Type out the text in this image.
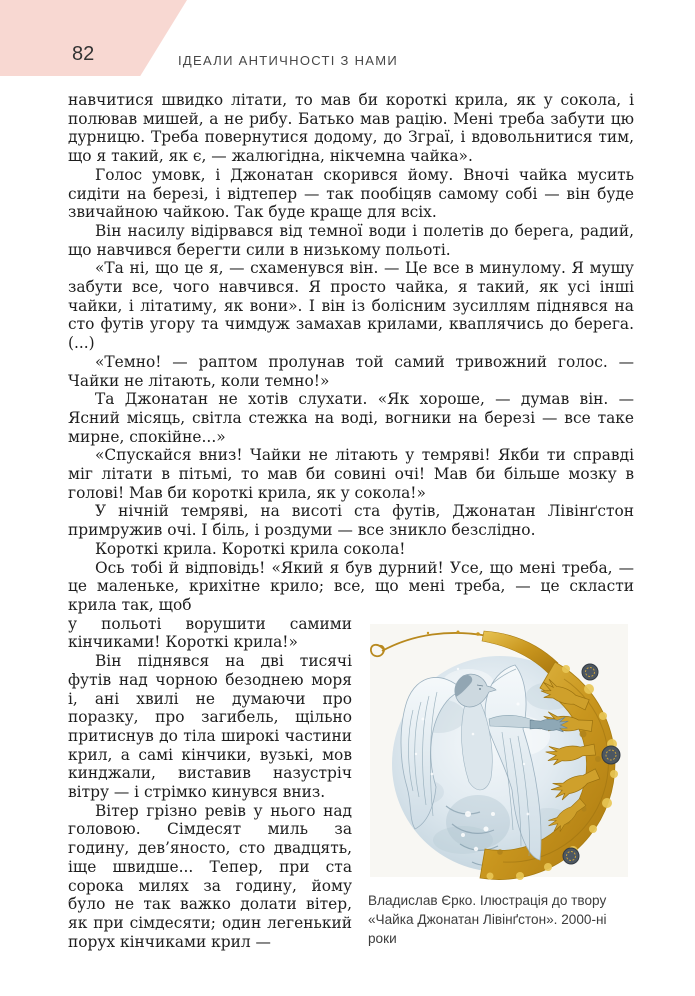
82	ІДЕАЛИ АНТИЧНОСТІ З НАМИ

навчитися швидко літати, то мав би короткі крила, як у сокола, і полював мишей, а не рибу. Батько мав рацію. Мені треба забути цю дурницю. Треба повернутися додому, до Зграї, і вдовольнитися тим, що я такий, як є, — жалюгідна, нікчемна чайка».

Голос умовк, і Джонатан скорився йому. Вночі чайка мусить сидіти на березі, і відтепер — так пообіцяв самому собі — він буде звичайною чайкою. Так буде краще для всіх.

Він насилу відірвався від темної води і полетів до берега, радий, що навчився берегти сили в низькому польоті.

«Та ні, що це я, — схаменувся він. — Це все в минулому. Я мушу забути все, чого навчився. Я просто чайка, я такий, як усі інші чайки, і літатиму, як вони». І він із болісним зусиллям піднявся на сто футів угору та чимдуж замахав крилами, кваплячись до берега. (...)

«Темно! — раптом пролунав той самий тривожний голос. — Чайки не літають, коли темно!»

Та Джонатан не хотів слухати. «Як хороше, — думав він. — Ясний місяць, світла стежка на воді, вогники на березі — все таке мирне, спокійне...»

«Спускайся вниз! Чайки не літають у темряві! Якби ти справді міг літати в пітьмі, то мав би совині очі! Мав би більше мозку в голові! Мав би короткі крила, як у сокола!»

У нічній темряві, на висоті ста футів, Джонатан Лівінґстон примружив очі. І біль, і роздуми — все зникло безслідно.

Короткі крила. Короткі крила сокола!

Ось тобі й відповідь! «Який я був дурний! Усе, що мені треба, — це маленьке, крихітне крило; все, що мені треба, — це скласти крила так, щоб

у польоті ворушити самими кінчиками! Короткі крила!»

Він піднявся на дві тисячі футів над чорною безоднею моря і, ані хвилі не думаючи про поразку, про загибель, щільно притиснув до тіла широкі частини крил, а самі кінчики, вузькі, мов кинджали, виставив назустріч вітру — і стрімко кинувся вниз.

Вітер грізно ревів у нього над головою. Сімдесят миль за годину, дев’яносто, сто двадцять, іще швидше... Тепер, при ста сорока милях за годину, йому було не так важко долати вітер, як при сімдесяти; один легенький порух кінчиками крил —

Владислав Єрко. Ілюстрація до твору «Чайка Джонатан Лівінґстон». 2000-ні роки
